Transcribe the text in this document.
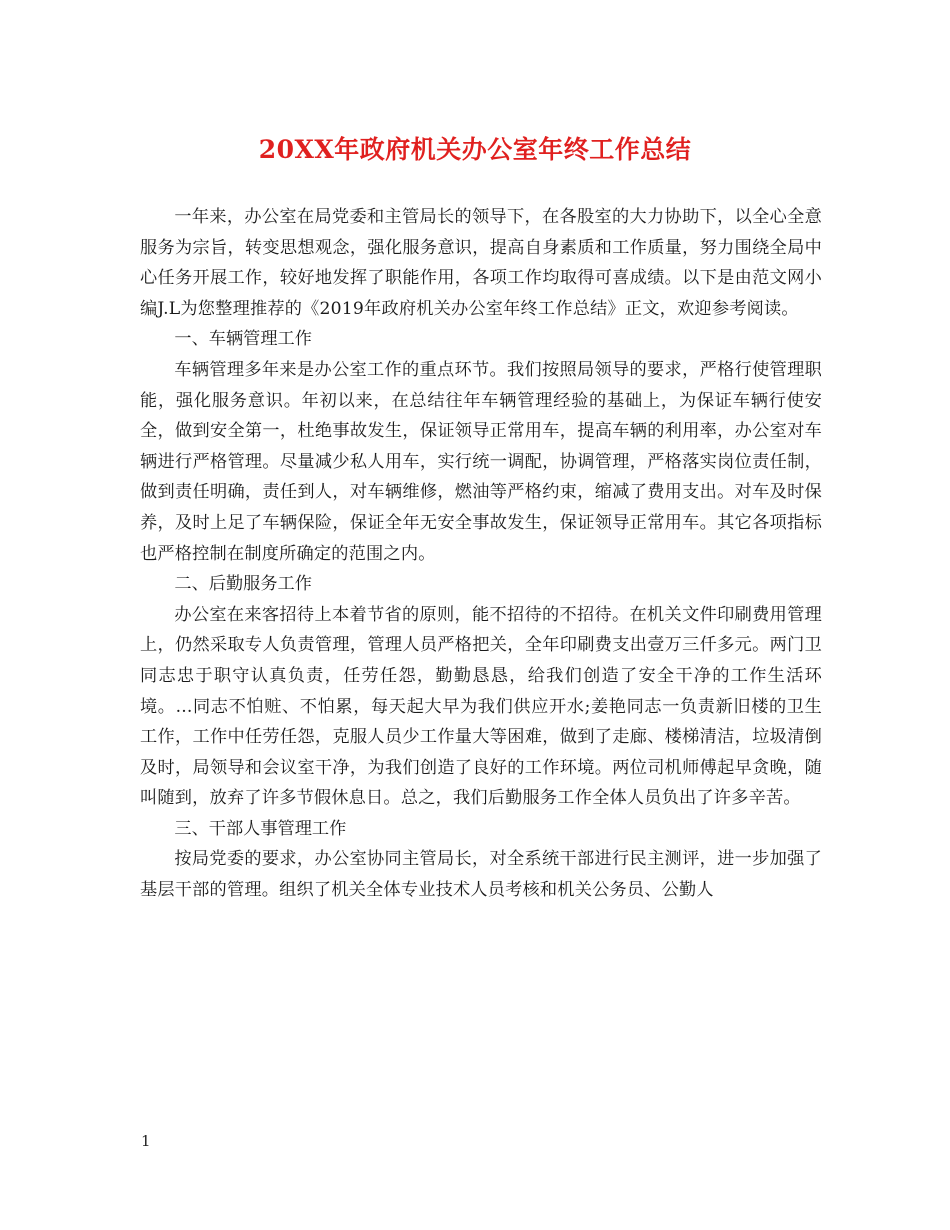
20XX年政府机关办公室年终工作总结

一年来，办公室在局党委和主管局长的领导下，在各股室的大力协助下，以全心全意服务为宗旨，转变思想观念，强化服务意识，提高自身素质和工作质量，努力围绕全局中心任务开展工作，较好地发挥了职能作用，各项工作均取得可喜成绩。以下是由范文网小编J.L为您整理推荐的《2019年政府机关办公室年终工作总结》正文，欢迎参考阅读。

一、车辆管理工作

车辆管理多年来是办公室工作的重点环节。我们按照局领导的要求，严格行使管理职能，强化服务意识。年初以来，在总结往年车辆管理经验的基础上，为保证车辆行使安全，做到安全第一，杜绝事故发生，保证领导正常用车，提高车辆的利用率，办公室对车辆进行严格管理。尽量减少私人用车，实行统一调配，协调管理，严格落实岗位责任制，做到责任明确，责任到人，对车辆维修，燃油等严格约束，缩减了费用支出。对车及时保养，及时上足了车辆保险，保证全年无安全事故发生，保证领导正常用车。其它各项指标也严格控制在制度所确定的范围之内。

二、后勤服务工作

办公室在来客招待上本着节省的原则，能不招待的不招待。在机关文件印刷费用管理上，仍然采取专人负责管理，管理人员严格把关，全年印刷费支出壹万三仟多元。两门卫同志忠于职守认真负责，任劳任怨，勤勤恳恳，给我们创造了安全干净的工作生活环境。...同志不怕赃、不怕累，每天起大早为我们供应开水;姜艳同志一负责新旧楼的卫生工作，工作中任劳任怨，克服人员少工作量大等困难，做到了走廊、楼梯清洁，垃圾清倒及时，局领导和会议室干净，为我们创造了良好的工作环境。两位司机师傅起早贪晚，随叫随到，放弃了许多节假休息日。总之，我们后勤服务工作全体人员负出了许多辛苦。

三、干部人事管理工作

按局党委的要求，办公室协同主管局长，对全系统干部进行民主测评，进一步加强了基层干部的管理。组织了机关全体专业技术人员考核和机关公务员、公勤人

1
